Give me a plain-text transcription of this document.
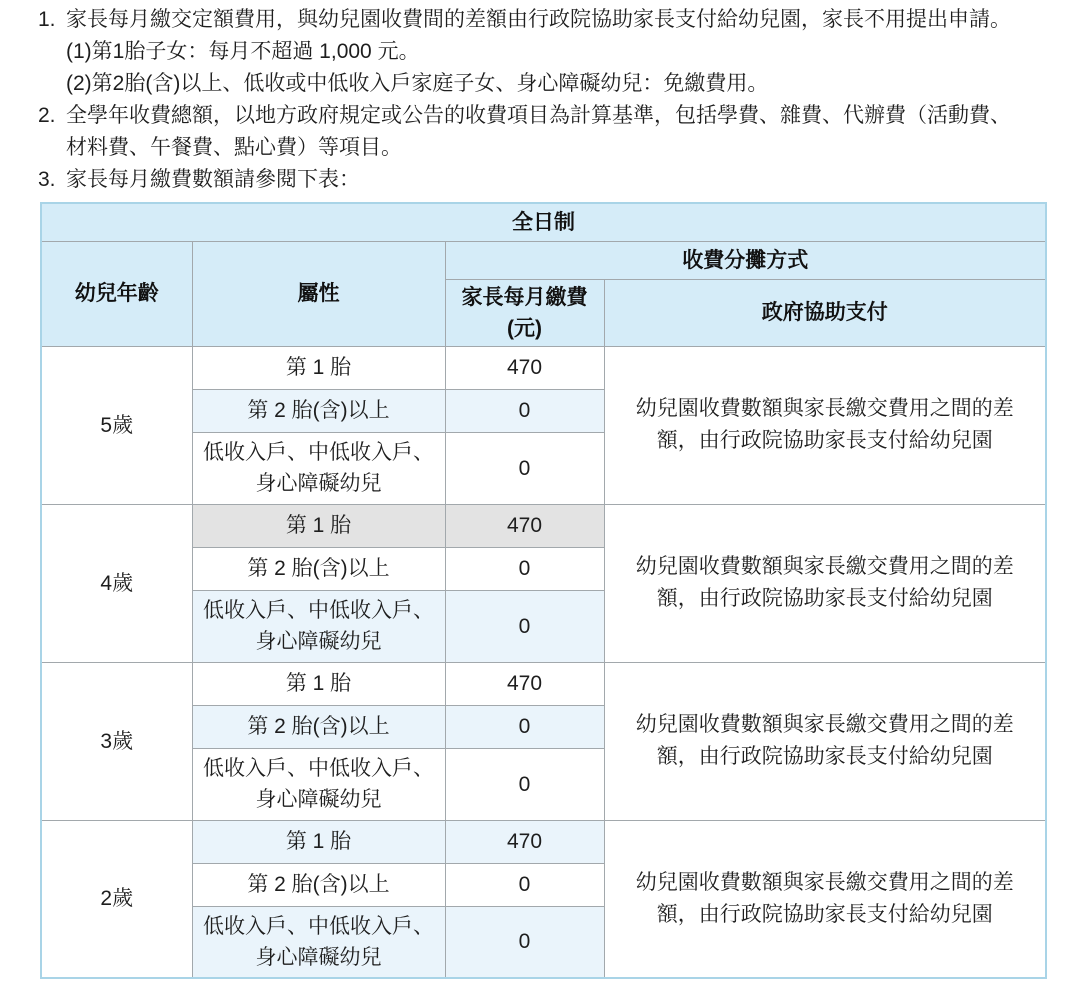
1. 家長每月繳交定額費用，與幼兒園收費間的差額由行政院協助家長支付給幼兒園，家長不用提出申請。
(1)第1胎子女：每月不超過 1,000 元。
(2)第2胎(含)以上、低收或中低收入戶家庭子女、身心障礙幼兒：免繳費用。
2. 全學年收費總額，以地方政府規定或公告的收費項目為計算基準，包括學費、雜費、代辦費（活動費、
材料費、午餐費、點心費）等項目。
3. 家長每月繳費數額請參閱下表：
全日制			
幼兒年齡	屬性	收費分攤方式	

		家長每月繳費
(元)	政府協助支付
5歲	第 1 胎	470	幼兒園收費數額與家長繳交費用之間的差額，由行政院協助家長支付給幼兒園

	第 2 胎(含)以上	0	
	低收入戶、中低收入戶、身心障礙幼兒	0	
4歲	第 1 胎	470	幼兒園收費數額與家長繳交費用之間的差額，由行政院協助家長支付給幼兒園

	第 2 胎(含)以上	0	
	低收入戶、中低收入戶、身心障礙幼兒	0	
3歲	第 1 胎	470	幼兒園收費數額與家長繳交費用之間的差額，由行政院協助家長支付給幼兒園

	第 2 胎(含)以上	0	
	低收入戶、中低收入戶、身心障礙幼兒	0	
2歲	第 1 胎	470	幼兒園收費數額與家長繳交費用之間的差額，由行政院協助家長支付給幼兒園

	第 2 胎(含)以上	0	
	低收入戶、中低收入戶、身心障礙幼兒	0	
